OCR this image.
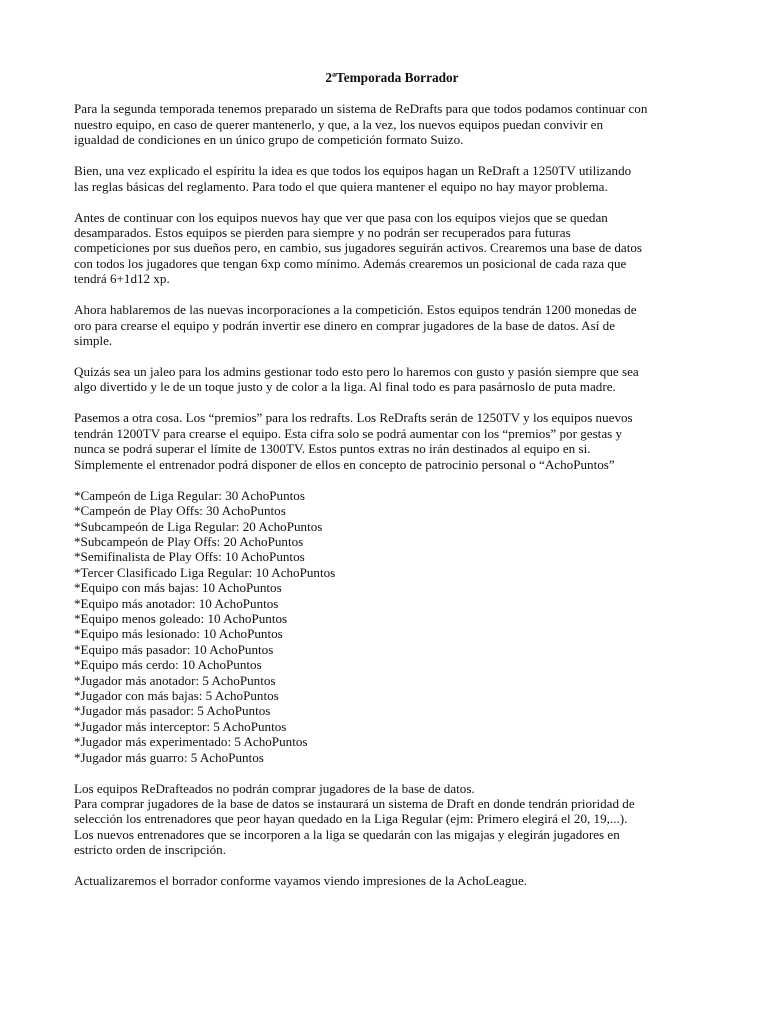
2ªTemporada Borrador

Para la segunda temporada tenemos preparado un sistema de ReDrafts para que todos podamos continuar con
nuestro equipo, en caso de querer mantenerlo, y que, a la vez, los nuevos equipos puedan convivir en
igualdad de condiciones en un único grupo de competición formato Suizo.

Bien, una vez explicado el espíritu la idea es que todos los equipos hagan un ReDraft a 1250TV utilizando
las reglas básicas del reglamento. Para todo el que quiera mantener el equipo no hay mayor problema.

Antes de continuar con los equipos nuevos hay que ver que pasa con los equipos viejos que se quedan
desamparados. Estos equipos se pierden para siempre y no podrán ser recuperados para futuras
competiciones por sus dueños pero, en cambio, sus jugadores seguirán activos. Crearemos una base de datos
con todos los jugadores que tengan 6xp como mínimo. Además crearemos un posicional de cada raza que
tendrá 6+1d12 xp.

Ahora hablaremos de las nuevas incorporaciones a la competición. Estos equipos tendrán 1200 monedas de
oro para crearse el equipo y podrán invertir ese dinero en comprar jugadores de la base de datos. Así de
simple.

Quizás sea un jaleo para los admins gestionar todo esto pero lo haremos con gusto y pasión siempre que sea
algo divertido y le de un toque justo y de color a la liga. Al final todo es para pasárnoslo de puta madre.

Pasemos a otra cosa. Los “premios” para los redrafts. Los ReDrafts serán de 1250TV y los equipos nuevos
tendrán 1200TV para crearse el equipo. Esta cifra solo se podrá aumentar con los “premios” por gestas y
nunca se podrá superar el límite de 1300TV. Estos puntos extras no irán destinados al equipo en si.
Simplemente el entrenador podrá disponer de ellos en concepto de patrocinio personal o “AchoPuntos”

*Campeón de Liga Regular: 30 AchoPuntos
*Campeón de Play Offs: 30 AchoPuntos
*Subcampeón de Liga Regular: 20 AchoPuntos
*Subcampeón de Play Offs: 20 AchoPuntos
*Semifinalista de Play Offs: 10 AchoPuntos
*Tercer Clasificado Liga Regular: 10 AchoPuntos
*Equipo con más bajas: 10 AchoPuntos
*Equipo más anotador: 10 AchoPuntos
*Equipo menos goleado: 10 AchoPuntos
*Equipo más lesionado: 10 AchoPuntos
*Equipo más pasador: 10 AchoPuntos
*Equipo más cerdo: 10 AchoPuntos
*Jugador más anotador: 5 AchoPuntos
*Jugador con más bajas: 5 AchoPuntos
*Jugador más pasador: 5 AchoPuntos
*Jugador más interceptor: 5 AchoPuntos
*Jugador más experimentado: 5 AchoPuntos
*Jugador más guarro: 5 AchoPuntos

Los equipos ReDrafteados no podrán comprar jugadores de la base de datos.
Para comprar jugadores de la base de datos se instaurará un sistema de Draft en donde tendrán prioridad de
selección los entrenadores que peor hayan quedado en la Liga Regular (ejm: Primero elegirá el 20, 19,...).
Los nuevos entrenadores que se incorporen a la liga se quedarán con las migajas y elegirán jugadores en
estricto orden de inscripción.

Actualizaremos el borrador conforme vayamos viendo impresiones de la AchoLeague.
